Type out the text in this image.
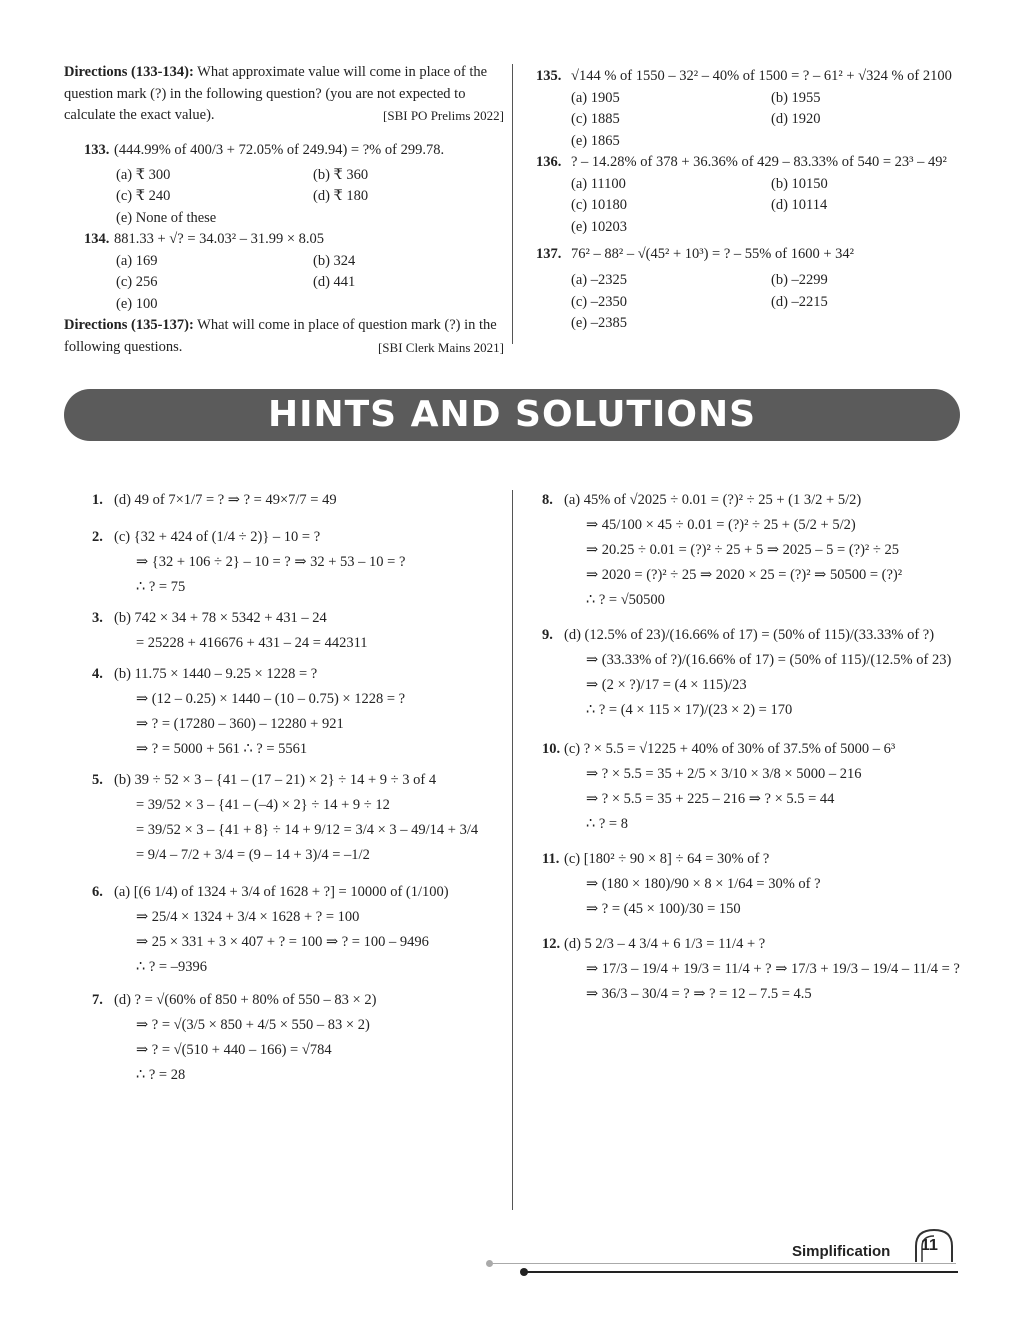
Directions (133-134): What approximate value will come in place of the question mark (?) in the following question? (you are not expected to calculate the exact value).	[SBI PO Prelims 2022]

133. (444.99% of 400/3 + 72.05% of 249.94) = ?% of 299.78.

(a) ₹ 300	(b) ₹ 360
(c) ₹ 240	(d) ₹ 180
(e) None of these

134. 881.33 + √? = 34.03² – 31.99 × 8.05

(a) 169	(b) 324
(c) 256	(d) 441
(e) 100

Directions (135-137): What will come in place of question mark (?) in the following questions.	[SBI Clerk Mains 2021]

135. √144 % of 1550 – 32² – 40% of 1500 = ? – 61² + √324 % of 2100

(a) 1905	(b) 1955
(c) 1885	(d) 1920
(e) 1865

136. ? – 14.28% of 378 + 36.36% of 429 – 83.33% of 540 = 23³ – 49²

(a) 11100	(b) 10150
(c) 10180	(d) 10114
(e) 10203

137. 76² – 88² – √(45² + 10³) = ? – 55% of 1600 + 34²

(a) –2325	(b) –2299
(c) –2350	(d) –2215
(e) –2385
HINTS AND SOLUTIONS
1. (d) 49 of 7×1/7 = ? ⇒ ? = 49×7/7 = 49
2. (c) {32 + 424 of (1/4 ÷ 2)} – 10 = ?
⇒ {32 + 106 ÷ 2} – 10 = ? ⇒ 32 + 53 – 10 = ?
∴ ? = 75
3. (b) 742 × 34 + 78 × 5342 + 431 – 24
= 25228 + 416676 + 431 – 24 = 442311
4. (b) 11.75 × 1440 – 9.25 × 1228 = ?
⇒ (12 – 0.25) × 1440 – (10 – 0.75) × 1228 = ?
⇒ ? = (17280 – 360) – 12280 + 921
⇒ ? = 5000 + 561 ∴ ? = 5561
5. (b) 39 ÷ 52 × 3 – {41 – (17 – 21) × 2} ÷ 14 + 9 ÷ 3 of 4
= 39/52 × 3 – {41 – (–4) × 2} ÷ 14 + 9 ÷ 12
= 39/52 × 3 – {41 + 8} ÷ 14 + 9/12 = 3/4 × 3 – 49/14 + 3/4
= 9/4 – 7/2 + 3/4 = (9 – 14 + 3)/4 = –1/2
6. (a) [(6 1/4) of 1324 + 3/4 of 1628 + ?] = 10000 of (1/100)
⇒ 25/4 × 1324 + 3/4 × 1628 + ? = 100
⇒ 25 × 331 + 3 × 407 + ? = 100 ⇒ ? = 100 – 9496
∴ ? = –9396
7. (d) ? = √(60% of 850 + 80% of 550 – 83 × 2)
⇒ ? = √(3/5 × 850 + 4/5 × 550 – 83 × 2)
⇒ ? = √(510 + 440 – 166) = √784
∴ ? = 28
8. (a) 45% of √2025 ÷ 0.01 = (?)² ÷ 25 + (1 3/2 + 5/2)
⇒ 45/100 × 45 ÷ 0.01 = (?)² ÷ 25 + (5/2 + 5/2)
⇒ 20.25 ÷ 0.01 = (?)² ÷ 25 + 5 ⇒ 2025 – 5 = (?)² ÷ 25
⇒ 2020 = (?)² ÷ 25 ⇒ 2020 × 25 = (?)² ⇒ 50500 = (?)²
∴ ? = √50500
9. (d) (12.5% of 23)/(16.66% of 17) = (50% of 115)/(33.33% of ?)
⇒ (33.33% of ?)/(16.66% of 17) = (50% of 115)/(12.5% of 23)
⇒ (2 × ?)/17 = (4 × 115)/23
∴ ? = (4 × 115 × 17)/(23 × 2) = 170
10. (c) ? × 5.5 = √1225 + 40% of 30% of 37.5% of 5000 – 6³
⇒ ? × 5.5 = 35 + 2/5 × 3/10 × 3/8 × 5000 – 216
⇒ ? × 5.5 = 35 + 225 – 216 ⇒ ? × 5.5 = 44
∴ ? = 8
11. (c) [180² ÷ 90 × 8] ÷ 64 = 30% of ?
⇒ (180 × 180)/90 × 8 × 1/64 = 30% of ?
⇒ ? = (45 × 100)/30 = 150
12. (d) 5 2/3 – 4 3/4 + 6 1/3 = 11/4 + ?
⇒ 17/3 – 19/4 + 19/3 = 11/4 + ? ⇒ 17/3 + 19/3 – 19/4 – 11/4 = ?
⇒ 36/3 – 30/4 = ? ⇒ ? = 12 – 7.5 = 4.5
Simplification 11
